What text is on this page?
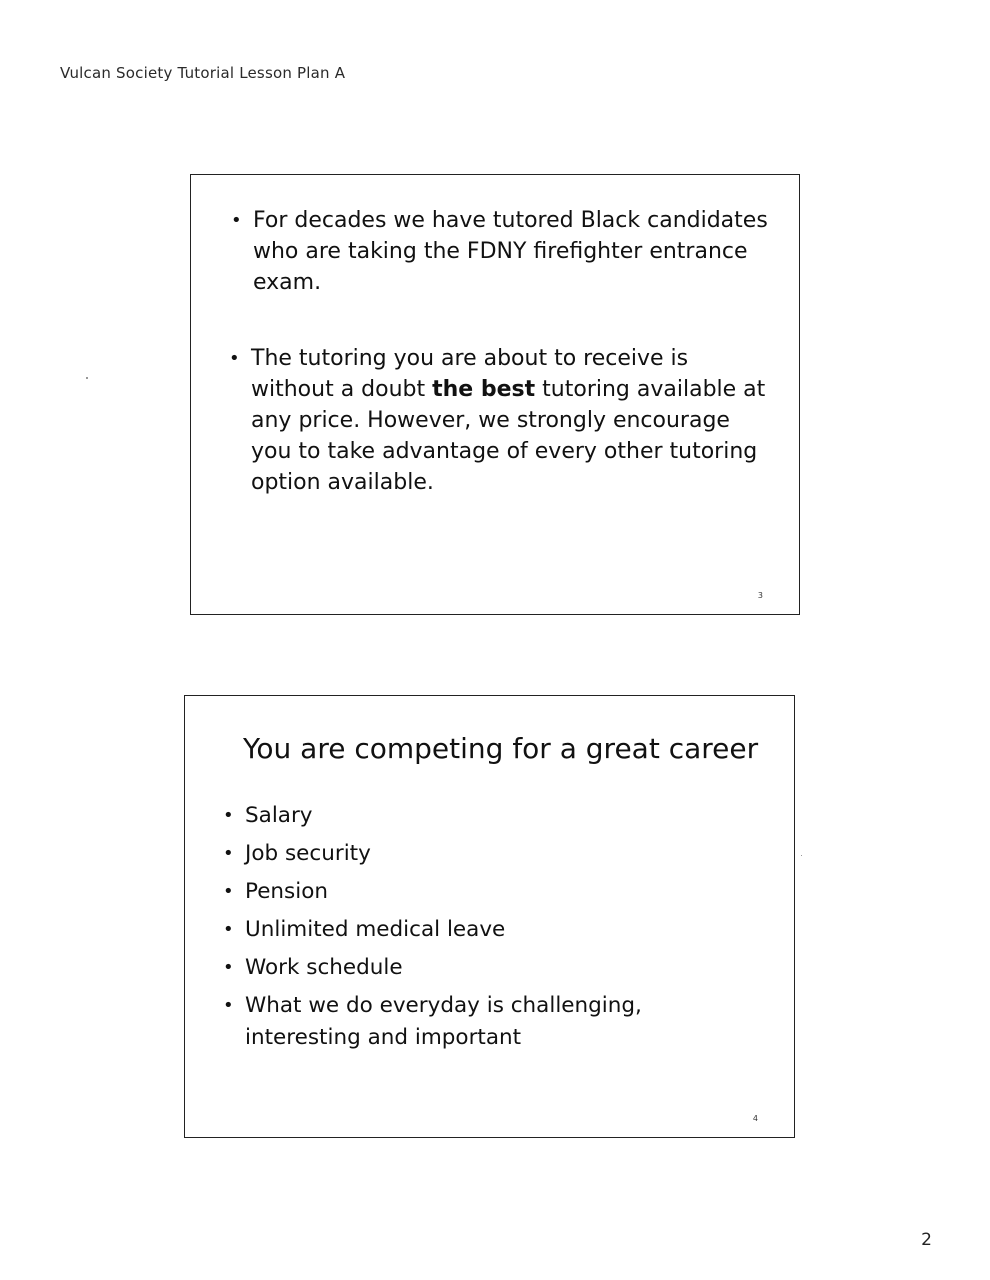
Vulcan Society Tutorial Lesson Plan A
• For decades we have tutored Black candidates who are taking the FDNY firefighter entrance exam.
• The tutoring you are about to receive is without a doubt the best tutoring available at any price. However, we strongly encourage you to take advantage of every other tutoring option available.
3
You are competing for a great career
• Salary
• Job security
• Pension
• Unlimited medical leave
• Work schedule
• What we do everyday is challenging, interesting and important
4
2
